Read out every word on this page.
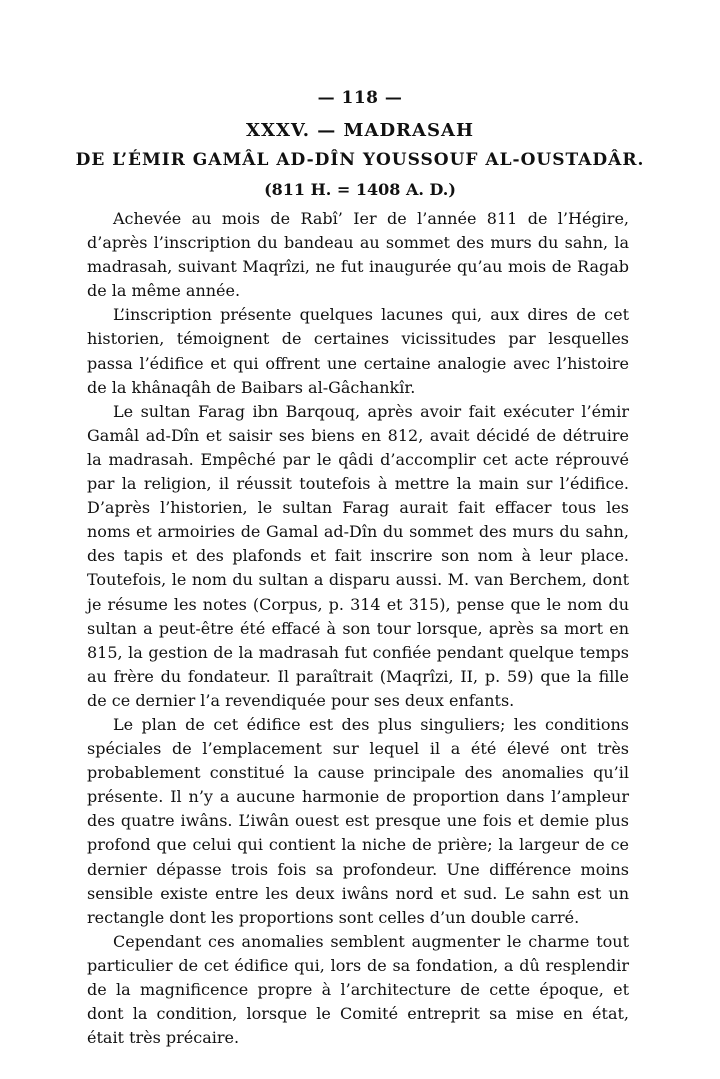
— 118 —
XXXV. — MADRASAH
DE L’ÉMIR GAMÂL AD-DÎN YOUSSOUF AL-OUSTADÂR.
(811 H. = 1408 A. D.)

Achevée au mois de Rabî’ Ier de l’année 811 de l’Hégire, d’après l’inscription du bandeau au sommet des murs du sahn, la madrasah, suivant Maqrîzi, ne fut inaugurée qu’au mois de Ragab de la même année.

L’inscription présente quelques lacunes qui, aux dires de cet historien, témoignent de certaines vicissitudes par lesquelles passa l’édifice et qui offrent une certaine analogie avec l’histoire de la khânaqâh de Baibars al-Gâchankîr.

Le sultan Farag ibn Barqouq, après avoir fait exécuter l’émir Gamâl ad-Dîn et saisir ses biens en 812, avait décidé de détruire la madrasah. Empêché par le qâdi d’accomplir cet acte réprouvé par la religion, il réussit toutefois à mettre la main sur l’édifice. D’après l’historien, le sultan Farag aurait fait effacer tous les noms et armoiries de Gamal ad-Dîn du sommet des murs du sahn, des tapis et des plafonds et fait inscrire son nom à leur place. Toutefois, le nom du sultan a disparu aussi. M. van Berchem, dont je résume les notes (Corpus, p. 314 et 315), pense que le nom du sultan a peut-être été effacé à son tour lorsque, après sa mort en 815, la gestion de la madrasah fut confiée pendant quelque temps au frère du fondateur. Il paraîtrait (Maqrîzi, II, p. 59) que la fille de ce dernier l’a revendiquée pour ses deux enfants.

Le plan de cet édifice est des plus singuliers; les conditions spéciales de l’emplacement sur lequel il a été élevé ont très probablement constitué la cause principale des anomalies qu’il présente. Il n’y a aucune harmonie de proportion dans l’ampleur des quatre iwâns. L’iwân ouest est presque une fois et demie plus profond que celui qui contient la niche de prière; la largeur de ce dernier dépasse trois fois sa profondeur. Une différence moins sensible existe entre les deux iwâns nord et sud. Le sahn est un rectangle dont les proportions sont celles d’un double carré.

Cependant ces anomalies semblent augmenter le charme tout particulier de cet édifice qui, lors de sa fondation, a dû resplendir de la magnificence propre à l’architecture de cette époque, et dont la condition, lorsque le Comité entreprit sa mise en état, était très précaire.
